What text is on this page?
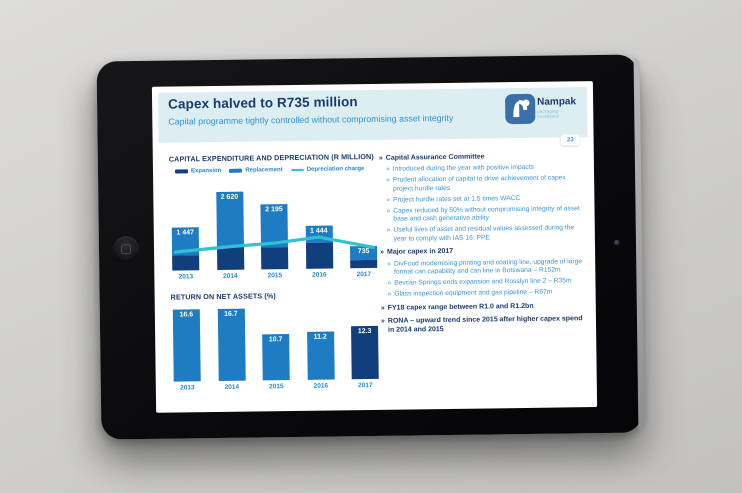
Capex halved to R735 million
Capital programme tightly controlled without compromising asset integrity
Nampak
packaging excellence
23
CAPITAL EXPENDITURE AND DEPRECIATION (R MILLION)
Expansion	Replacement	Depreciation charge
1 447
2 620
2 195
1 444
735
2013	2014	2015	2016	2017
RETURN ON NET ASSETS (%)
16.6	16.7
10.7	11.2
12.3
2013	2014	2015	2016	2017
» Capital Assurance Committee
» Introduced during the year with positive impacts
» Prudent allocation of capital to drive achievement of capex project hurdle rates
» Project hurdle rates set at 1.5 times WACC
» Capex reduced by 50% without compromising integrity of asset base and cash generative ability
» Useful lives of asset and residual values assessed during the year to comply with IAS 16: PPE
» Major capex in 2017
» DivFood modernising printing and coating line, upgrade of large format can capability and can line in Botswana – R152m
» Bevcan Springs ends expansion and Rosslyn line 2 – R35m
» Glass inspection equipment and gas pipeline – R67m
» FY18 capex range between R1.0 and R1.2bn
» RONA – upward trend since 2015 after higher capex spend in 2014 and 2015
